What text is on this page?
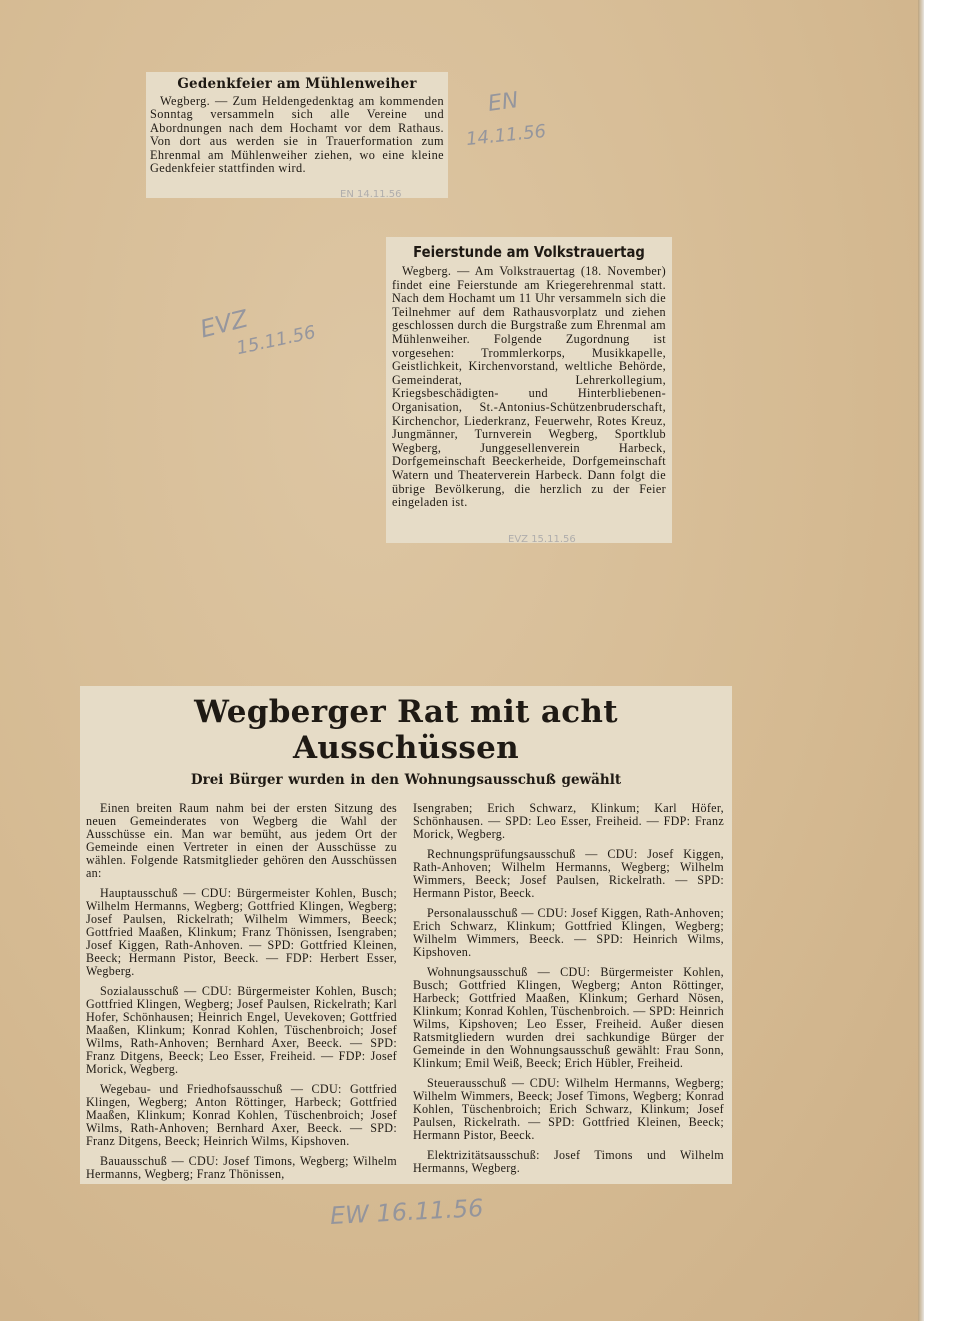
Gedenkfeier am Mühlenweiher
Wegberg. — Zum Heldengedenktag am kommenden Sonntag versammeln sich alle Vereine und Abordnungen nach dem Hochamt vor dem Rathaus. Von dort aus werden sie in Trauerformation zum Ehrenmal am Mühlenweiher ziehen, wo eine kleine Gedenkfeier stattfinden wird.
EN
14.11.56
EN 14.11.56
Feierstunde am Volkstrauertag
Wegberg. — Am Volkstrauertag (18. November) findet eine Feierstunde am Kriegerehrenmal statt. Nach dem Hochamt um 11 Uhr versammeln sich die Teilnehmer auf dem Rathausvorplatz und ziehen geschlossen durch die Burgstraße zum Ehrenmal am Mühlenweiher. Folgende Zugordnung ist vorgesehen: Trommlerkorps, Musikkapelle, Geistlichkeit, Kirchenvorstand, weltliche Behörde, Gemeinderat, Lehrerkollegium, Kriegsbeschädigten- und Hinterbliebenen-Organisation, St.-Antonius-Schützenbruderschaft, Kirchenchor, Liederkranz, Feuerwehr, Rotes Kreuz, Jungmänner, Turnverein Wegberg, Sportklub Wegberg, Junggesellenverein Harbeck, Dorfgemeinschaft Beeckerheide, Dorfgemeinschaft Watern und Theaterverein Harbeck. Dann folgt die übrige Bevölkerung, die herzlich zu der Feier eingeladen ist.
EVZ
15.11.56
EVZ 15.11.56
Wegberger Rat mit acht Ausschüssen
Drei Bürger wurden in den Wohnungsausschuß gewählt

Einen breiten Raum nahm bei der ersten Sitzung des neuen Gemeinderates von Wegberg die Wahl der Ausschüsse ein. Man war bemüht, aus jedem Ort der Gemeinde einen Vertreter in einen der Ausschüsse zu wählen. Folgende Ratsmitglieder gehören den Ausschüssen an:

Hauptausschuß — CDU: Bürgermeister Kohlen, Busch; Wilhelm Hermanns, Wegberg; Gottfried Klingen, Wegberg; Josef Paulsen, Rickelrath; Wilhelm Wimmers, Beeck; Gottfried Maaßen, Klinkum; Franz Thönissen, Isengraben; Josef Kiggen, Rath-Anhoven. — SPD: Gottfried Kleinen, Beeck; Hermann Pistor, Beeck. — FDP: Herbert Esser, Wegberg.

Sozialausschuß — CDU: Bürgermeister Kohlen, Busch; Gottfried Klingen, Wegberg; Josef Paulsen, Rickelrath; Karl Hofer, Schönhausen; Heinrich Engel, Uevekoven; Gottfried Maaßen, Klinkum; Konrad Kohlen, Tüschenbroich; Josef Wilms, Rath-Anhoven; Bernhard Axer, Beeck. — SPD: Franz Ditgens, Beeck; Leo Esser, Freiheid. — FDP: Josef Morick, Wegberg.

Wegebau- und Friedhofsausschuß — CDU: Gottfried Klingen, Wegberg; Anton Röttinger, Harbeck; Gottfried Maaßen, Klinkum; Konrad Kohlen, Tüschenbroich; Josef Wilms, Rath-Anhoven; Bernhard Axer, Beeck. — SPD: Franz Ditgens, Beeck; Heinrich Wilms, Kipshoven.

Bauausschuß — CDU: Josef Timons, Wegberg; Wilhelm Hermanns, Wegberg; Franz Thönissen,

Isengraben; Erich Schwarz, Klinkum; Karl Höfer, Schönhausen. — SPD: Leo Esser, Freiheid. — FDP: Franz Morick, Wegberg.

Rechnungsprüfungsausschuß — CDU: Josef Kiggen, Rath-Anhoven; Wilhelm Hermanns, Wegberg; Wilhelm Wimmers, Beeck; Josef Paulsen, Rickelrath. — SPD: Hermann Pistor, Beeck.

Personalausschuß — CDU: Josef Kiggen, Rath-Anhoven; Erich Schwarz, Klinkum; Gottfried Klingen, Wegberg; Wilhelm Wimmers, Beeck. — SPD: Heinrich Wilms, Kipshoven.

Wohnungsausschuß — CDU: Bürgermeister Kohlen, Busch; Gottfried Klingen, Wegberg; Anton Röttinger, Harbeck; Gottfried Maaßen, Klinkum; Gerhard Nösen, Klinkum; Konrad Kohlen, Tüschenbroich. — SPD: Heinrich Wilms, Kipshoven; Leo Esser, Freiheid. Außer diesen Ratsmitgliedern wurden drei sachkundige Bürger der Gemeinde in den Wohnungsausschuß gewählt: Frau Sonn, Klinkum; Emil Weiß, Beeck; Erich Hübler, Freiheid.

Steuerausschuß — CDU: Wilhelm Hermanns, Wegberg; Wilhelm Wimmers, Beeck; Josef Timons, Wegberg; Konrad Kohlen, Tüschenbroich; Erich Schwarz, Klinkum; Josef Paulsen, Rickelrath. — SPD: Gottfried Kleinen, Beeck; Hermann Pistor, Beeck.

Elektrizitätsausschuß: Josef Timons und Wilhelm Hermanns, Wegberg.

EW 16.11.56
